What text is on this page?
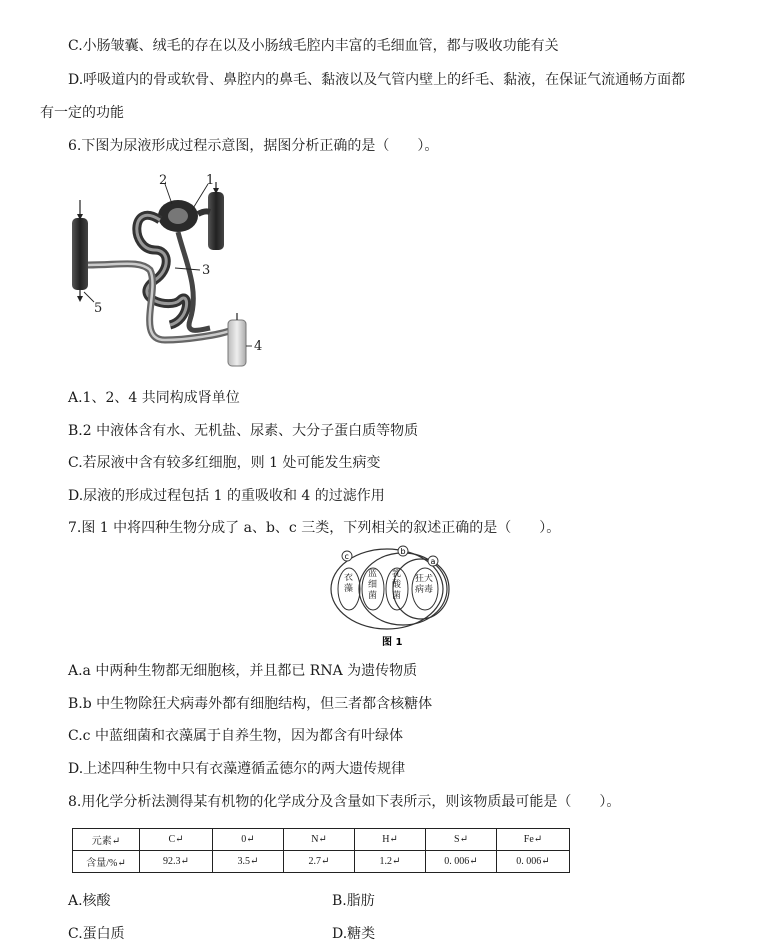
C.小肠皱囊、绒毛的存在以及小肠绒毛腔内丰富的毛细血管，都与吸收功能有关
D.呼吸道内的骨或软骨、鼻腔内的鼻毛、黏液以及气管内壁上的纤毛、黏液，在保证气流通畅方面都
有一定的功能
6.下图为尿液形成过程示意图，据图分析正确的是（　　）。
2	1
3
4
5
A.1、2、4 共同构成肾单位
B.2 中液体含有水、无机盐、尿素、大分子蛋白质等物质
C.若尿液中含有较多红细胞，则 1 处可能发生病变
D.尿液的形成过程包括 1 的重吸收和 4 的过滤作用
7.图 1 中将四种生物分成了 a、b、c 三类，下列相关的叙述正确的是（　　）。
c
b
a
衣藻
蓝细菌
乳酸菌
狂犬病毒
图 1
A.a 中两种生物都无细胞核，并且都已 RNA 为遗传物质
B.b 中生物除狂犬病毒外都有细胞结构，但三者都含核糖体
C.c 中蓝细菌和衣藻属于自养生物，因为都含有叶绿体
D.上述四种生物中只有衣藻遵循孟德尔的两大遗传规律
8.用化学分析法测得某有机物的化学成分及含量如下表所示，则该物质最可能是（　　）。
元素↵	C↵	0↵	N↵	H↵	S↵	Fe↵
含量/%↵	92.3↵	3.5↵	2.7↵	1.2↵	0. 006↵	0. 006↵
A.核酸	B.脂肪
C.蛋白质	D.糖类
